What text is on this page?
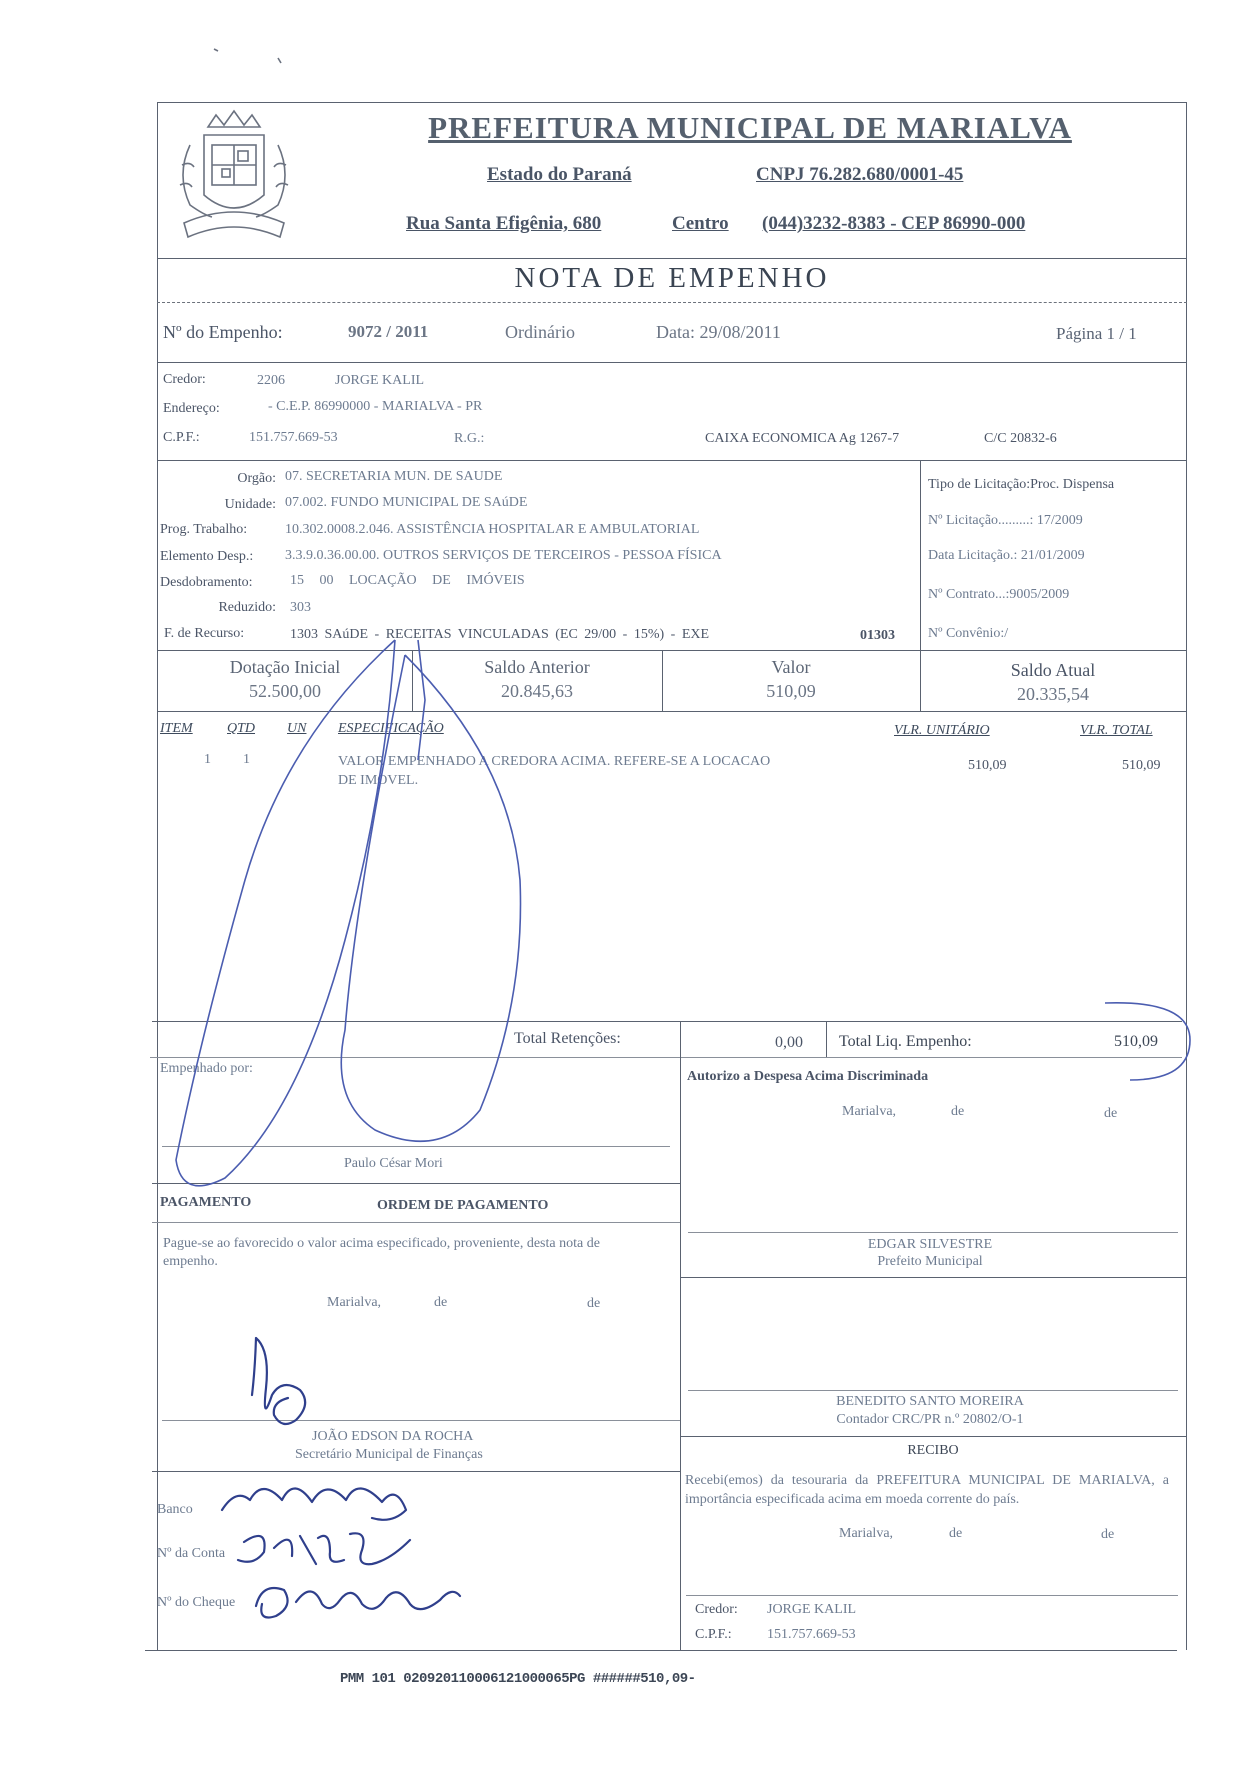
PREFEITURA MUNICIPAL DE MARIALVA
Estado do Paraná	CNPJ 76.282.680/0001-45
Rua Santa Efigênia, 680	Centro (044)3232-8383 - CEP 86990-000
NOTA DE EMPENHO
Nº do Empenho:	9072 / 2011	Ordinário	Data: 29/08/2011	Página 1 / 1
Credor:	2206	JORGE KALIL
Endereço:	- C.E.P. 86990000 - MARIALVA - PR
C.P.F.:	151.757.669-53	R.G.:	CAIXA ECONOMICA Ag 1267-7	C/C 20832-6
Orgão: 07. SECRETARIA MUN. DE SAUDE
Unidade: 07.002. FUNDO MUNICIPAL DE SAúDE
Prog. Trabalho:	10.302.0008.2.046. ASSISTÊNCIA HOSPITALAR E AMBULATORIAL
Elemento Desp.: 3.3.9.0.36.00.00. OUTROS SERVIÇOS DE TERCEIROS - PESSOA FÍSICA
Desdobramento:	15 00 LOCAÇÃO DE IMÓVEIS
Reduzido: 303
F. de Recurso:	1303 SAúDE - RECEITAS VINCULADAS (EC 29/00 - 15%) - EXE	01303
Tipo de Licitação:Proc. Dispensa
Nº Licitação.........: 17/2009
Data Licitação.: 21/01/2009
Nº Contrato...:9005/2009
Nº Convênio:/
Dotação Inicial
52.500,00
Saldo Anterior
20.845,63
Valor
510,09
Saldo Atual
20.335,54
ITEM QTD UN ESPECIFICAÇÃO	VLR. UNITÁRIO	VLR. TOTAL
1 1	VALOR EMPENHADO A CREDORA ACIMA. REFERE-SE A LOCACAO
DE IMOVEL.
510,09	510,09
Total Retenções:	0,00 Total Liq. Empenho:	510,09
Empenhado por:
Paulo César Mori
PAGAMENTO	ORDEM DE PAGAMENTO
Pague-se ao favorecido o valor acima especificado, proveniente, desta nota de empenho.
Marialva,	de	de
JOÃO EDSON DA ROCHA
Secretário Municipal de Finanças
Banco
Nº da Conta
Nº do Cheque
Autorizo a Despesa Acima Discriminada
Marialva,	de	de
EDGAR SILVESTRE
Prefeito Municipal
BENEDITO SANTO MOREIRA
Contador CRC/PR n.º 20802/O-1
RECIBO
Recebi(emos) da tesouraria da PREFEITURA MUNICIPAL DE MARIALVA, a importância especificada acima em moeda corrente do país.
Marialva,	de	de
Credor: JORGE KALIL
C.P.F.:	151.757.669-53
PMM 101 020920110006121000065PG ######510,09-
